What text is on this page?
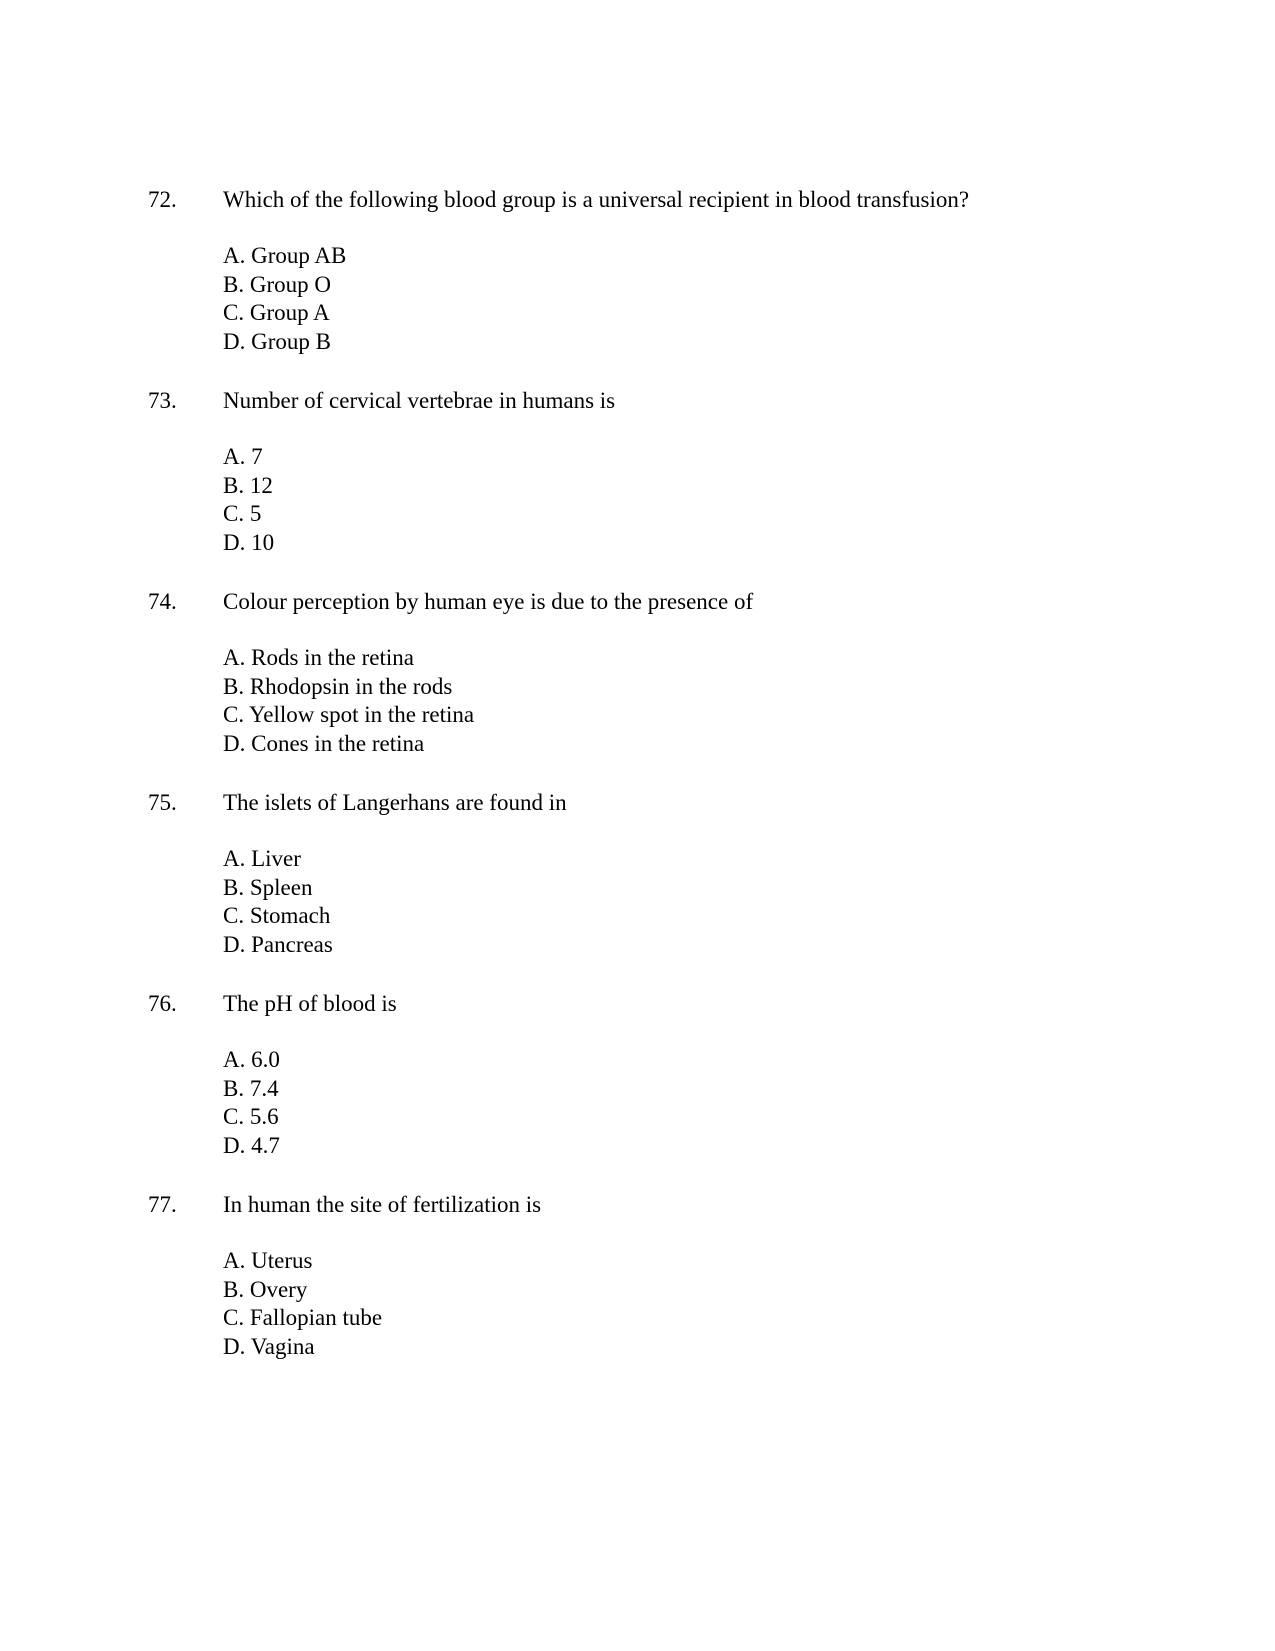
72. Which of the following blood group is a universal recipient in blood transfusion?
A. Group AB
B. Group O
C. Group A
D. Group B
73. Number of cervical vertebrae in humans is
A. 7
B. 12
C. 5
D. 10
74. Colour perception by human eye is due to the presence of
A. Rods in the retina
B. Rhodopsin in the rods
C. Yellow spot in the retina
D. Cones in the retina
75. The islets of Langerhans are found in
A. Liver
B. Spleen
C. Stomach
D. Pancreas
76. The pH of blood is
A. 6.0
B. 7.4
C. 5.6
D. 4.7
77. In human the site of fertilization is
A. Uterus
B. Overy
C. Fallopian tube
D. Vagina
